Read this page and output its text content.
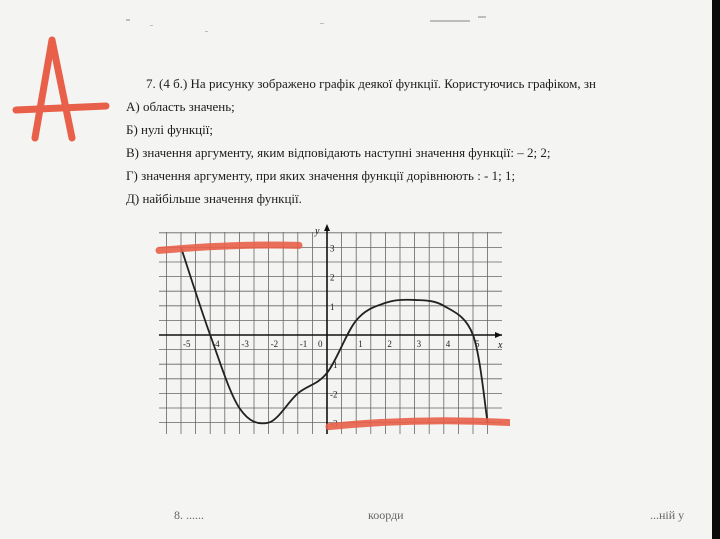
7. (4 б.) На рисунку зображено графік деякої функції. Користуючись графіком, зн
А) область значень;
Б) нулі функції;
В) значення аргументу, яким відповідають наступні значення функції: – 2; 2;
Г) значення аргументу, при яких значення функції дорівнюють : - 1; 1;
Д) найбільше значення функції.
x
y
-5 -4 -3 -2 -1 0	1	2	3	4	5
3
2
1
-1
-2
-3
8. ......	коорди	...ній у
